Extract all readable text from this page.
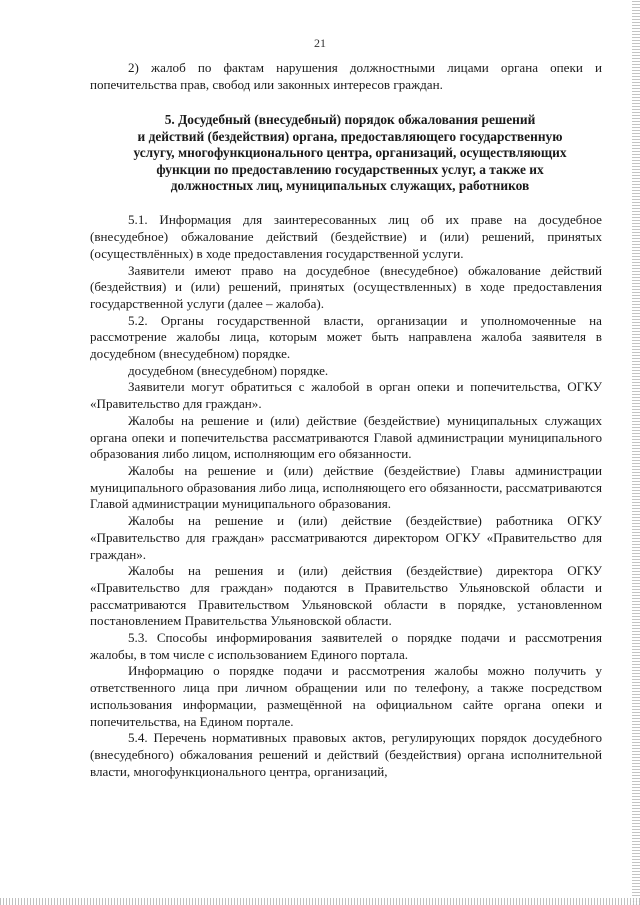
21

2) жалоб по фактам нарушения должностными лицами органа опеки и попечительства прав, свобод или законных интересов граждан.

5. Досудебный (внесудебный) порядок обжалования решений
и действий (бездействия) органа, предоставляющего государственную
услугу, многофункционального центра, организаций, осуществляющих
функции по предоставлению государственных услуг, а также их
должностных лиц, муниципальных служащих, работников

5.1. Информация для заинтересованных лиц об их праве на досудебное (внесудебное) обжалование действий (бездействие) и (или) решений, принятых (осуществлённых) в ходе предоставления государственной услуги.

Заявители имеют право на досудебное (внесудебное) обжалование действий (бездействия) и (или) решений, принятых (осуществленных) в ходе предоставления государственной услуги (далее – жалоба).

5.2. Органы государственной власти, организации и уполномоченные на рассмотрение жалобы лица, которым может быть направлена жалоба заявителя в досудебном (внесудебном) порядке.

досудебном (внесудебном) порядке.

Заявители могут обратиться с жалобой в орган опеки и попечительства, ОГКУ «Правительство для граждан».

Жалобы на решение и (или) действие (бездействие) муниципальных служащих органа опеки и попечительства рассматриваются Главой администрации муниципального образования либо лицом, исполняющим его обязанности.

Жалобы на решение и (или) действие (бездействие) Главы администрации муниципального образования либо лица, исполняющего его обязанности, рассматриваются Главой администрации муниципального образования.

Жалобы на решение и (или) действие (бездействие) работника ОГКУ «Правительство для граждан» рассматриваются директором ОГКУ «Правительство для граждан».

Жалобы на решения и (или) действия (бездействие) директора ОГКУ «Правительство для граждан» подаются в Правительство Ульяновской области и рассматриваются Правительством Ульяновской области в порядке, установленном постановлением Правительства Ульяновской области.

5.3. Способы информирования заявителей о порядке подачи и рассмотрения жалобы, в том числе с использованием Единого портала.

Информацию о порядке подачи и рассмотрения жалобы можно получить у ответственного лица при личном обращении или по телефону, а также посредством использования информации, размещённой на официальном сайте органа опеки и попечительства, на Едином портале.

5.4. Перечень нормативных правовых актов, регулирующих порядок досудебного (внесудебного) обжалования решений и действий (бездействия) органа исполнительной власти, многофункционального центра, организаций,
